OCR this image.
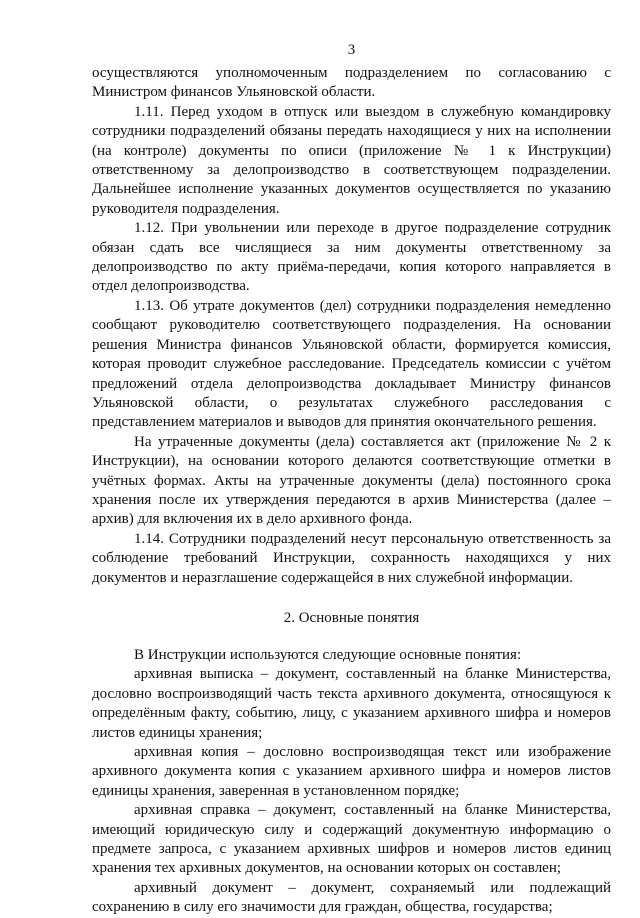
3

осуществляются уполномоченным подразделением по согласованию с Министром финансов Ульяновской области.

1.11. Перед уходом в отпуск или выездом в служебную командировку сотрудники подразделений обязаны передать находящиеся у них на исполнении (на контроле) документы по описи (приложение № 1 к Инструкции) ответственному за делопроизводство в соответствующем подразделении. Дальнейшее исполнение указанных документов осуществляется по указанию руководителя подразделения.

1.12. При увольнении или переходе в другое подразделение сотрудник обязан сдать все числящиеся за ним документы ответственному за делопроизводство по акту приёма-передачи, копия которого направляется в отдел делопроизводства.

1.13. Об утрате документов (дел) сотрудники подразделения немедленно сообщают руководителю соответствующего подразделения. На основании решения Министра финансов Ульяновской области, формируется комиссия, которая проводит служебное расследование. Председатель комиссии с учётом предложений отдела делопроизводства докладывает Министру финансов Ульяновской области, о результатах служебного расследования с представлением материалов и выводов для принятия окончательного решения.

На утраченные документы (дела) составляется акт (приложение № 2 к Инструкции), на основании которого делаются соответствующие отметки в учётных формах. Акты на утраченные документы (дела) постоянного срока хранения после их утверждения передаются в архив Министерства (далее – архив) для включения их в дело архивного фонда.

1.14. Сотрудники подразделений несут персональную ответственность за соблюдение требований Инструкции, сохранность находящихся у них документов и неразглашение содержащейся в них служебной информации.

2. Основные понятия

В Инструкции используются следующие основные понятия:

архивная выписка – документ, составленный на бланке Министерства, дословно воспроизводящий часть текста архивного документа, относящуюся к определённым факту, событию, лицу, с указанием архивного шифра и номеров листов единицы хранения;

архивная копия – дословно воспроизводящая текст или изображение архивного документа копия с указанием архивного шифра и номеров листов единицы хранения, заверенная в установленном порядке;

архивная справка – документ, составленный на бланке Министерства, имеющий юридическую силу и содержащий документную информацию о предмете запроса, с указанием архивных шифров и номеров листов единиц хранения тех архивных документов, на основании которых он составлен;

архивный документ – документ, сохраняемый или подлежащий сохранению в силу его значимости для граждан, общества, государства;
